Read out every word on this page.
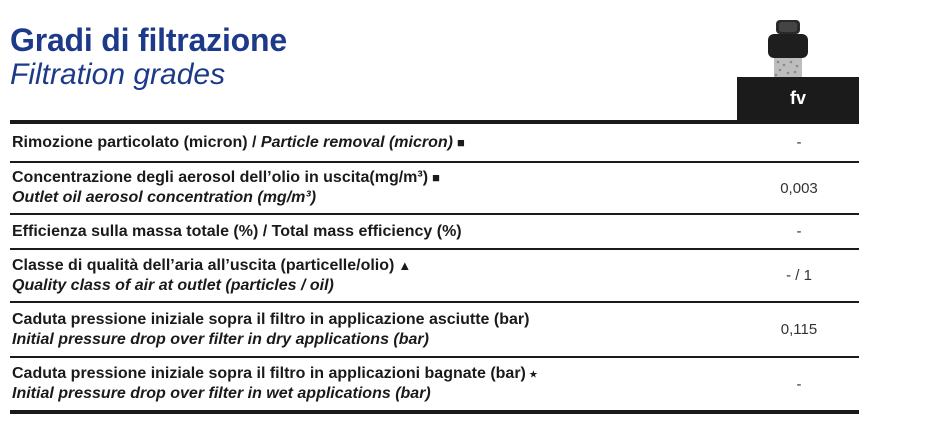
Gradi di filtrazione
Filtration grades
fv
Rimozione particolato (micron) / Particle removal (micron) ■	-
Concentrazione degli aerosol dell’olio in uscita(mg/m³) ■
Outlet oil aerosol concentration (mg/m³)
0,003
Efficienza sulla massa totale (%) / Total mass efficiency (%)	-
Classe di qualità dell’aria all’uscita (particelle/olio) ▲
Quality class of air at outlet (particles / oil)
- / 1
Caduta pressione iniziale sopra il filtro in applicazione asciutte (bar)
Initial pressure drop over filter in dry applications (bar)
0,115
Caduta pressione iniziale sopra il filtro in applicazioni bagnate (bar) ⭑
Initial pressure drop over filter in wet applications (bar)
-
